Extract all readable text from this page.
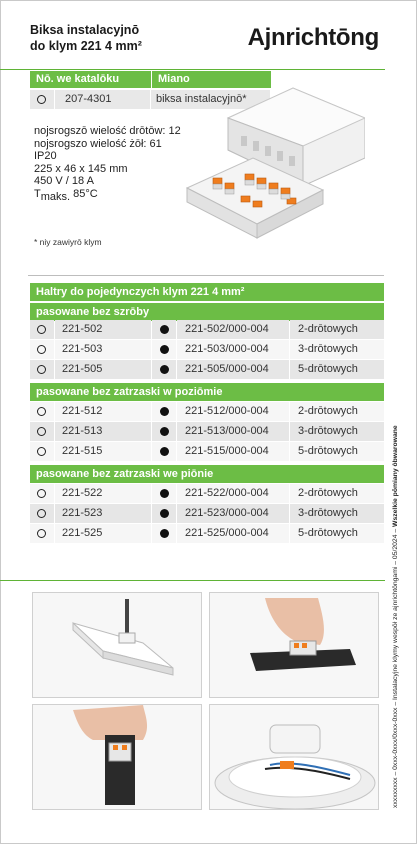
Biksa instalacyjnō
do klym 221 4 mm²	Ajnrichtōng
Nō. we katalōku	Miano
207-4301	biksa instalacyjnō*
nojsrogszō wielość drōtōw: 12
nojsrogszo wielość żōł: 61
IP20
225 x 46 x 145 mm
450 V / 18 A
$T_{maks.}$ 85°C
* niy zawiyrō klym
Haltry do pojedynczych klym 221 4 mm²
pasowane bez szrōby
221-502	221-502/000-004	2-drōtowych
221-503	221-503/000-004	3-drōtowych
221-505	221-505/000-004	5-drōtowych
pasowane bez zatrzaski w poziōmie
221-512	221-512/000-004	2-drōtowych
221-513	221-513/000-004	3-drōtowych
221-515	221-515/000-004	5-drōtowych
pasowane bez zatrzaski we piōnie
221-522	221-522/000-004	2-drōtowych
221-523	221-523/000-004	3-drōtowych
221-525	221-525/000-004	5-drōtowych	xxxxxxxxx – 0xxx-0xxx/0xxx-0xxx – Instalacyjne klymy wespōł ze ajnrichtōngami – 05/2024 – Wszelkie pōmiany ôbwarowane
